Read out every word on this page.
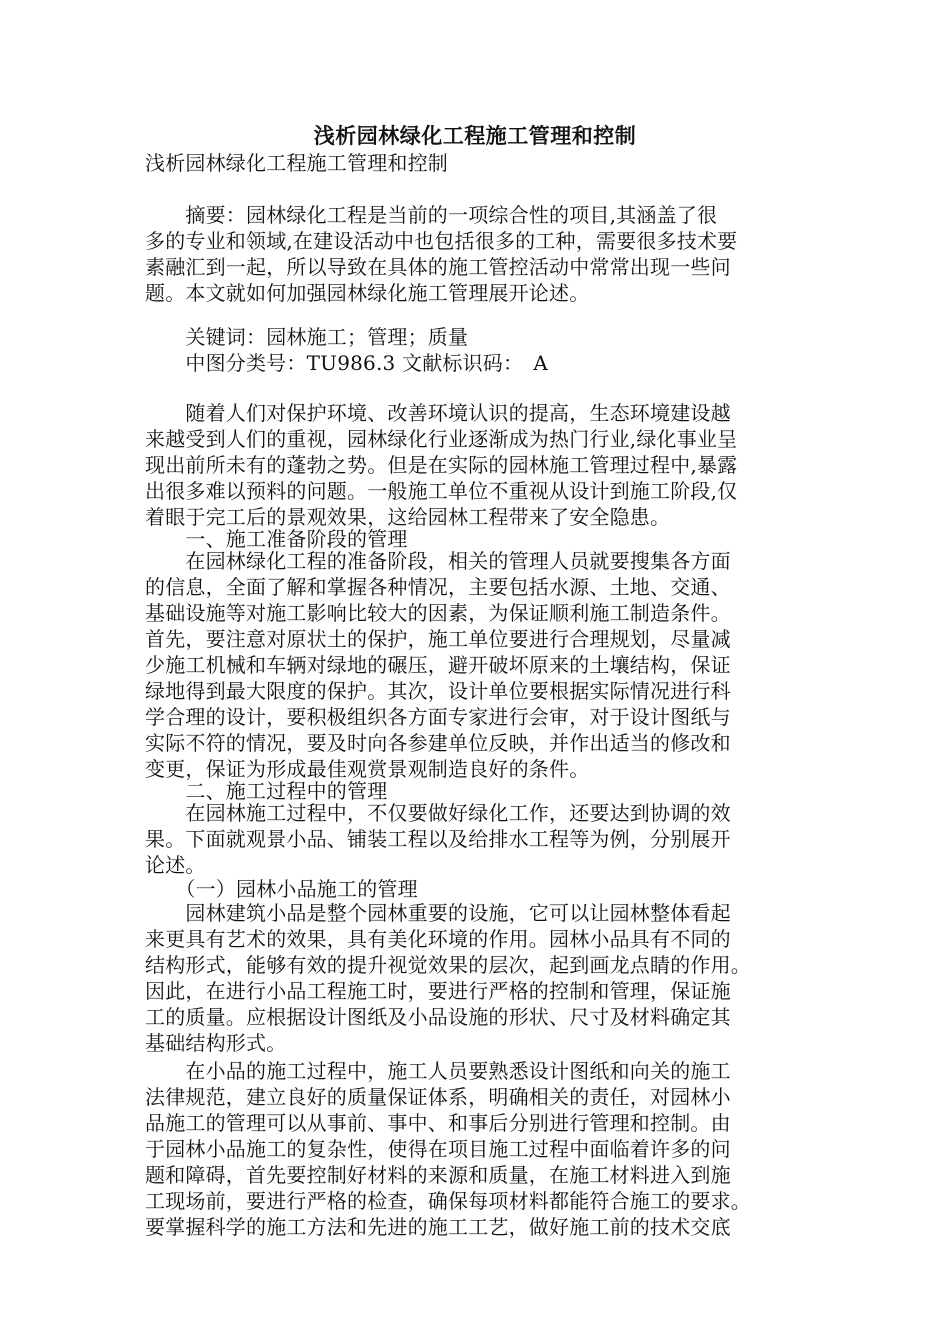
浅析园林绿化工程施工管理和控制
浅析园林绿化工程施工管理和控制
　　摘要：园林绿化工程是当前的一项综合性的项目,其涵盖了很
多的专业和领域,在建设活动中也包括很多的工种，需要很多技术要
素融汇到一起，所以导致在具体的施工管控活动中常常出现一些问
题。本文就如何加强园林绿化施工管理展开论述。
　　关键词：园林施工；管理；质量
　　中图分类号：TU986.3 文献标识码：　A
　　随着人们对保护环境、改善环境认识的提高，生态环境建设越
来越受到人们的重视，园林绿化行业逐渐成为热门行业,绿化事业呈
现出前所未有的蓬勃之势。但是在实际的园林施工管理过程中,暴露
出很多难以预料的问题。一般施工单位不重视从设计到施工阶段,仅
着眼于完工后的景观效果，这给园林工程带来了安全隐患。
　　一、施工准备阶段的管理
　　在园林绿化工程的准备阶段，相关的管理人员就要搜集各方面
的信息，全面了解和掌握各种情况，主要包括水源、土地、交通、
基础设施等对施工影响比较大的因素，为保证顺利施工制造条件。
首先，要注意对原状土的保护，施工单位要进行合理规划，尽量减
少施工机械和车辆对绿地的碾压，避开破坏原来的土壤结构，保证
绿地得到最大限度的保护。其次，设计单位要根据实际情况进行科
学合理的设计，要积极组织各方面专家进行会审，对于设计图纸与
实际不符的情况，要及时向各参建单位反映，并作出适当的修改和
变更，保证为形成最佳观赏景观制造良好的条件。
　　二、施工过程中的管理
　　在园林施工过程中，不仅要做好绿化工作，还要达到协调的效
果。下面就观景小品、铺装工程以及给排水工程等为例，分别展开
论述。
　　（一）园林小品施工的管理
　　园林建筑小品是整个园林重要的设施，它可以让园林整体看起
来更具有艺术的效果，具有美化环境的作用。园林小品具有不同的
结构形式，能够有效的提升视觉效果的层次，起到画龙点睛的作用。
因此，在进行小品工程施工时，要进行严格的控制和管理，保证施
工的质量。应根据设计图纸及小品设施的形状、尺寸及材料确定其
基础结构形式。
　　在小品的施工过程中，施工人员要熟悉设计图纸和向关的施工
法律规范，建立良好的质量保证体系，明确相关的责任，对园林小
品施工的管理可以从事前、事中、和事后分别进行管理和控制。由
于园林小品施工的复杂性，使得在项目施工过程中面临着许多的问
题和障碍，首先要控制好材料的来源和质量，在施工材料进入到施
工现场前，要进行严格的检查，确保每项材料都能符合施工的要求。
要掌握科学的施工方法和先进的施工工艺，做好施工前的技术交底
